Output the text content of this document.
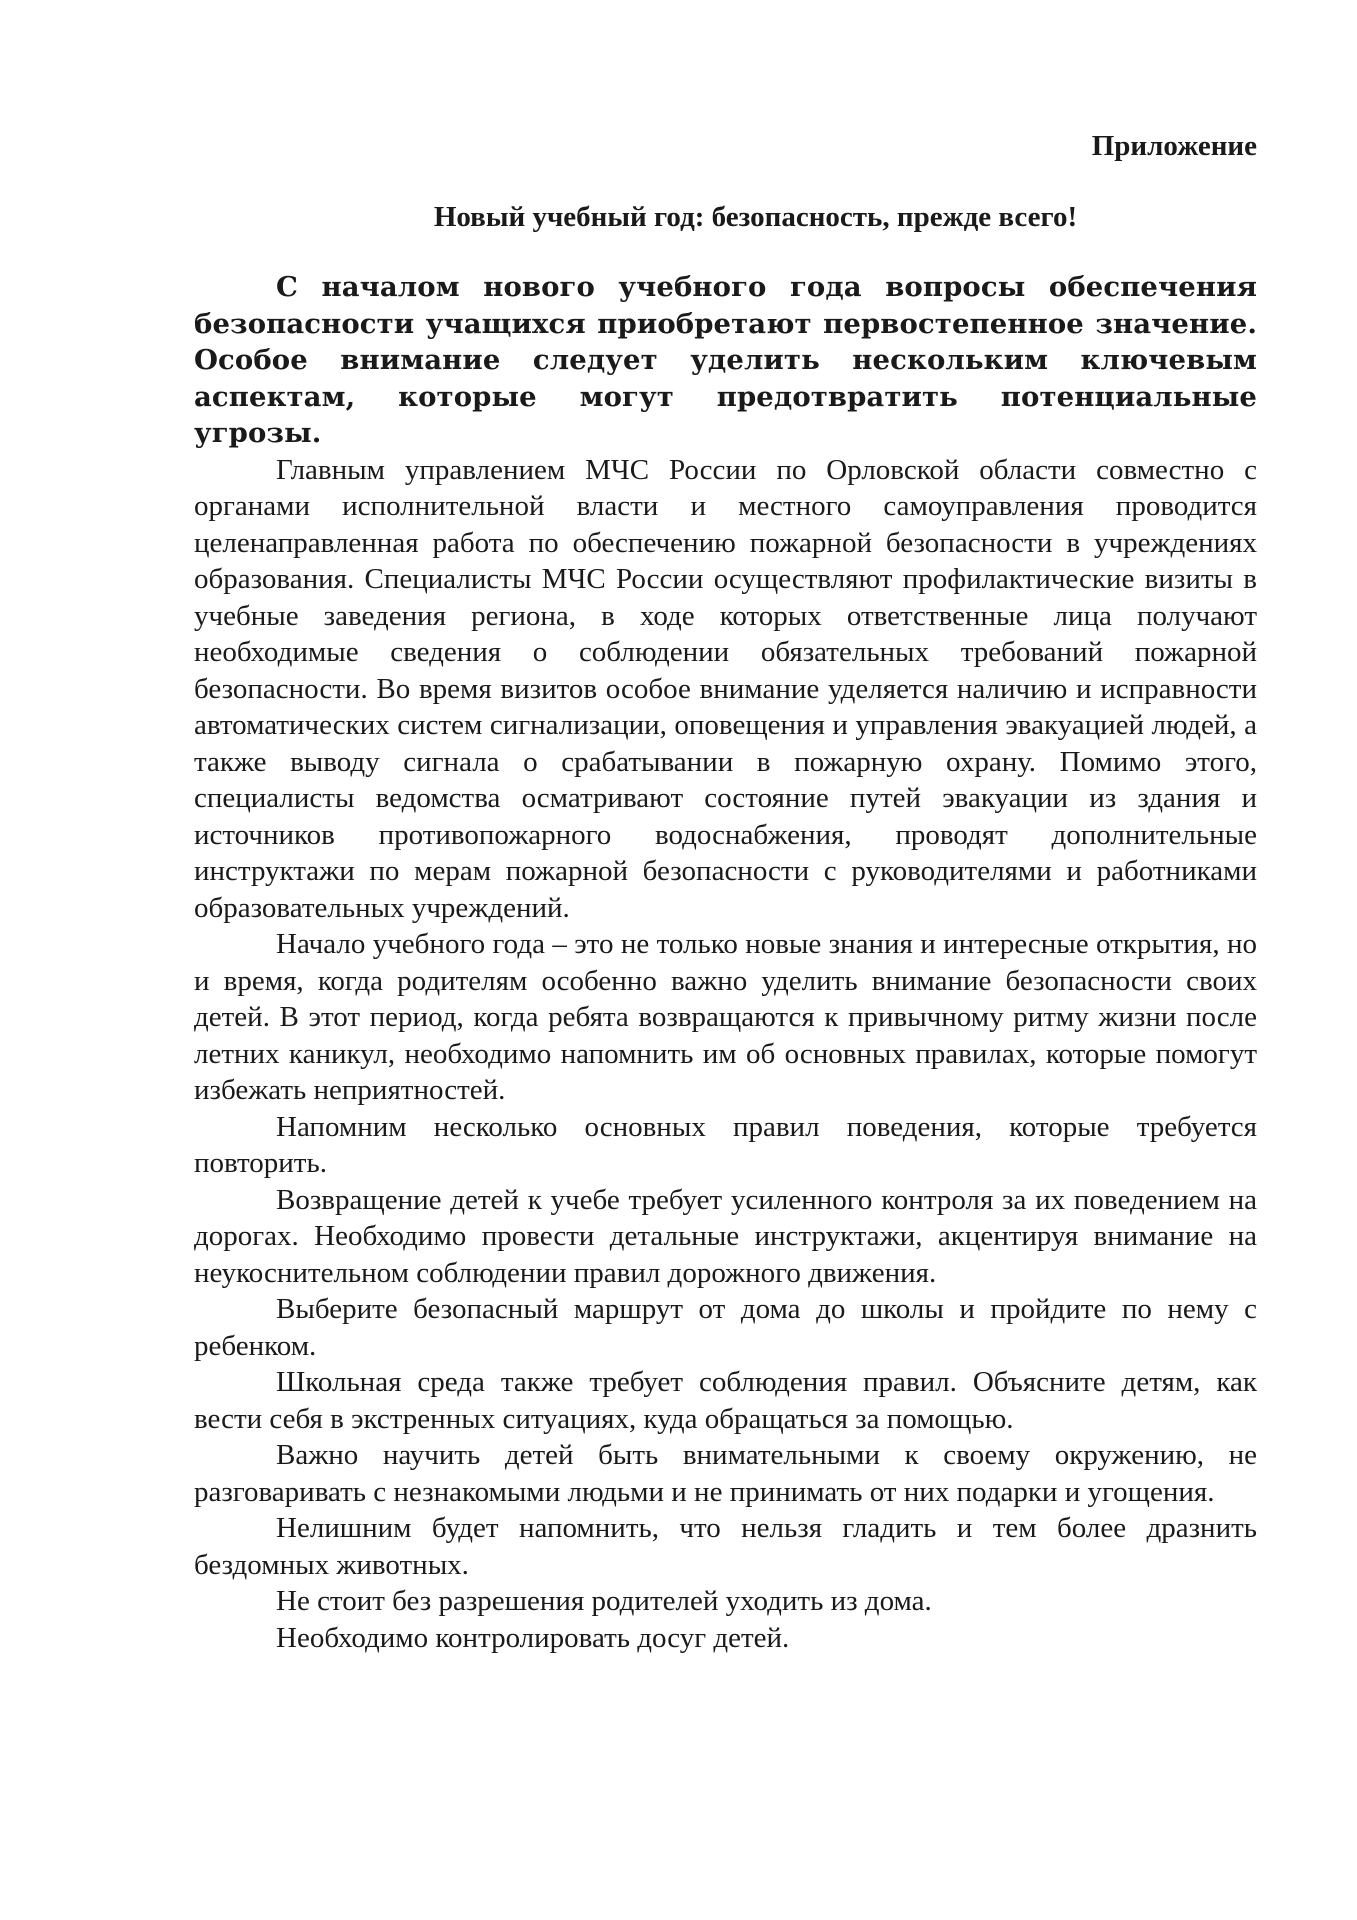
Приложение

Новый учебный год: безопасность, прежде всего!

С началом нового учебного года вопросы обеспечения безопасности учащихся приобретают первостепенное значение. Особое внимание следует уделить нескольким ключевым аспектам, которые могут предотвратить потенциальные угрозы.

Главным управлением МЧС России по Орловской области совместно с органами исполнительной власти и местного самоуправления проводится целенаправленная работа по обеспечению пожарной безопасности в учреждениях образования. Специалисты МЧС России осуществляют профилактические визиты в учебные заведения региона, в ходе которых ответственные лица получают необходимые сведения о соблюдении обязательных требований пожарной безопасности. Во время визитов особое внимание уделяется наличию и исправности автоматических систем сигнализации, оповещения и управления эвакуацией людей, а также выводу сигнала о срабатывании в пожарную охрану. Помимо этого, специалисты ведомства осматривают состояние путей эвакуации из здания и источников противопожарного водоснабжения, проводят дополнительные инструктажи по мерам пожарной безопасности с руководителями и работниками образовательных учреждений.

Начало учебного года – это не только новые знания и интересные открытия, но и время, когда родителям особенно важно уделить внимание безопасности своих детей. В этот период, когда ребята возвращаются к привычному ритму жизни после летних каникул, необходимо напомнить им об основных правилах, которые помогут избежать неприятностей.

Напомним несколько основных правил поведения, которые требуется повторить.

Возвращение детей к учебе требует усиленного контроля за их поведением на дорогах. Необходимо провести детальные инструктажи, акцентируя внимание на неукоснительном соблюдении правил дорожного движения.

Выберите безопасный маршрут от дома до школы и пройдите по нему с ребенком.

Школьная среда также требует соблюдения правил. Объясните детям, как вести себя в экстренных ситуациях, куда обращаться за помощью.

Важно научить детей быть внимательными к своему окружению, не разговаривать с незнакомыми людьми и не принимать от них подарки и угощения.

Нелишним будет напомнить, что нельзя гладить и тем более дразнить бездомных животных.

Не стоит без разрешения родителей уходить из дома.

Необходимо контролировать досуг детей.
